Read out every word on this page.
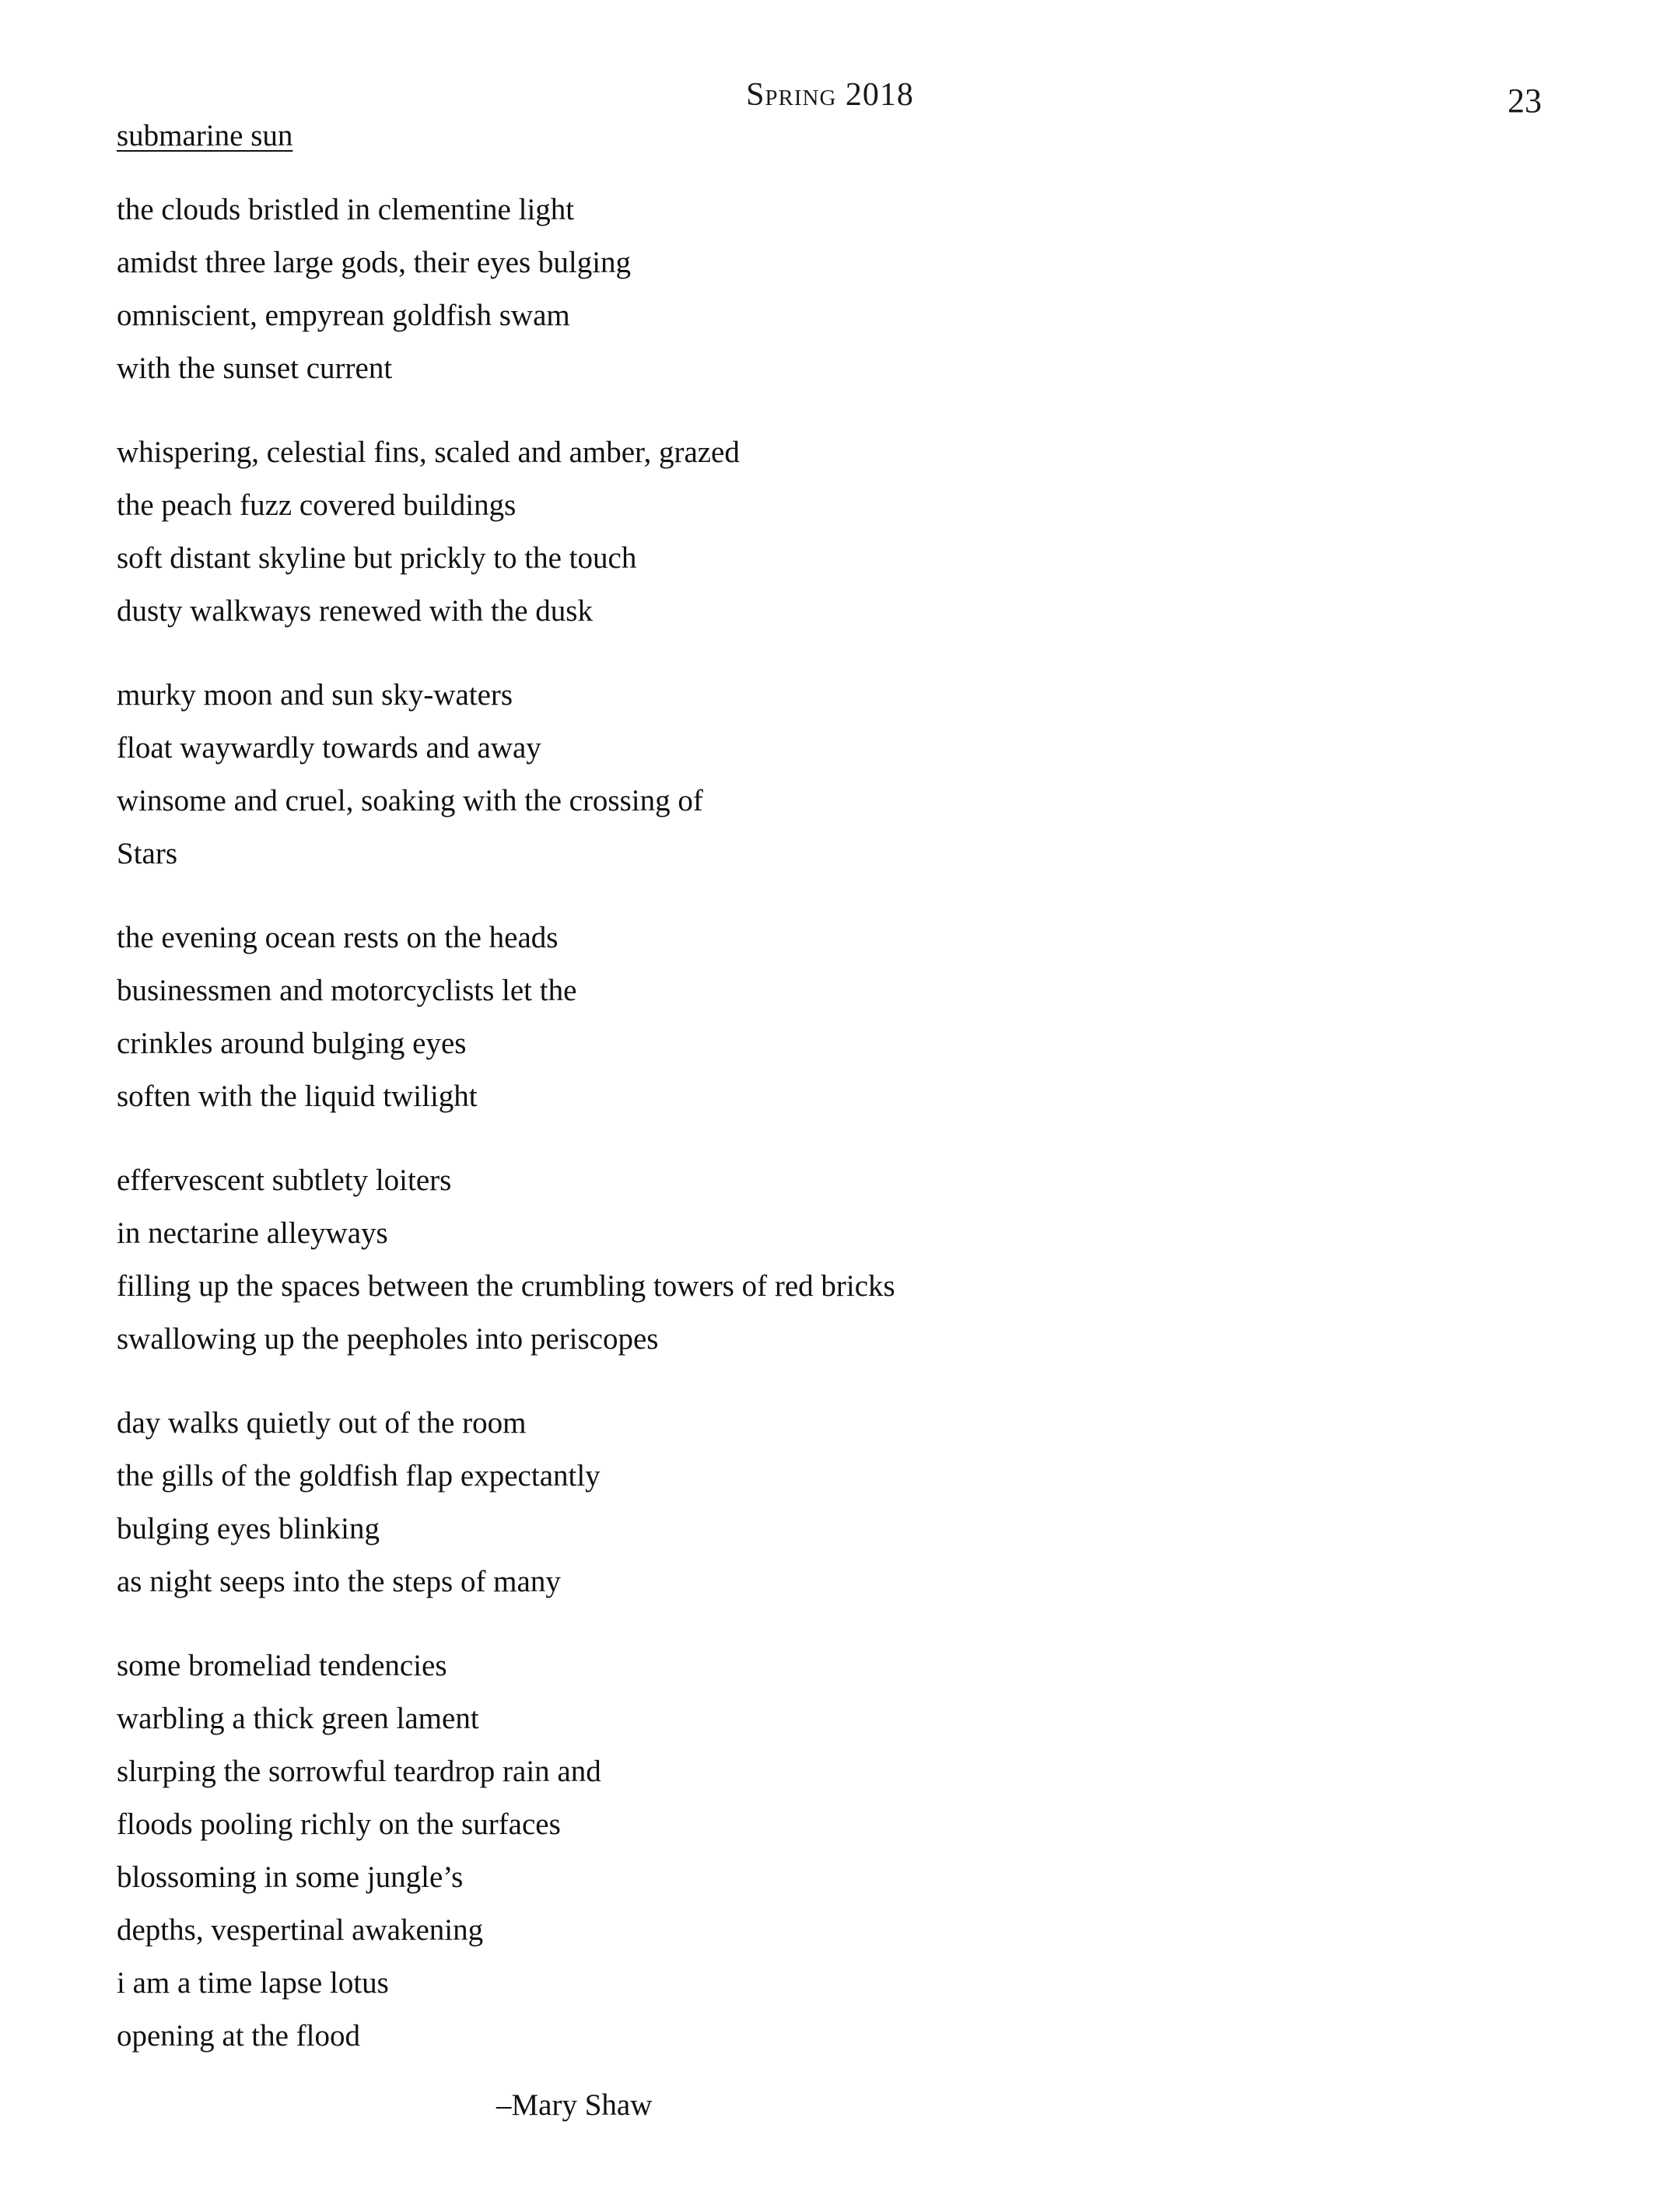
Spring 2018	23
submarine sun
the clouds bristled in clementine light
amidst three large gods, their eyes bulging
omniscient, empyrean goldfish swam
with the sunset current
whispering, celestial fins, scaled and amber, grazed
the peach fuzz covered buildings
soft distant skyline but prickly to the touch
dusty walkways renewed with the dusk
murky moon and sun sky-waters
float waywardly towards and away
winsome and cruel, soaking with the crossing of
Stars
the evening ocean rests on the heads
businessmen and motorcyclists let the
crinkles around bulging eyes
soften with the liquid twilight
effervescent subtlety loiters
in nectarine alleyways
filling up the spaces between the crumbling towers of red bricks
swallowing up the peepholes into periscopes
day walks quietly out of the room
the gills of the goldfish flap expectantly
bulging eyes blinking
as night seeps into the steps of many
some bromeliad tendencies
warbling a thick green lament
slurping the sorrowful teardrop rain and
floods pooling richly on the surfaces
blossoming in some jungle’s
depths, vespertinal awakening
i am a time lapse lotus
opening at the flood
–Mary Shaw
